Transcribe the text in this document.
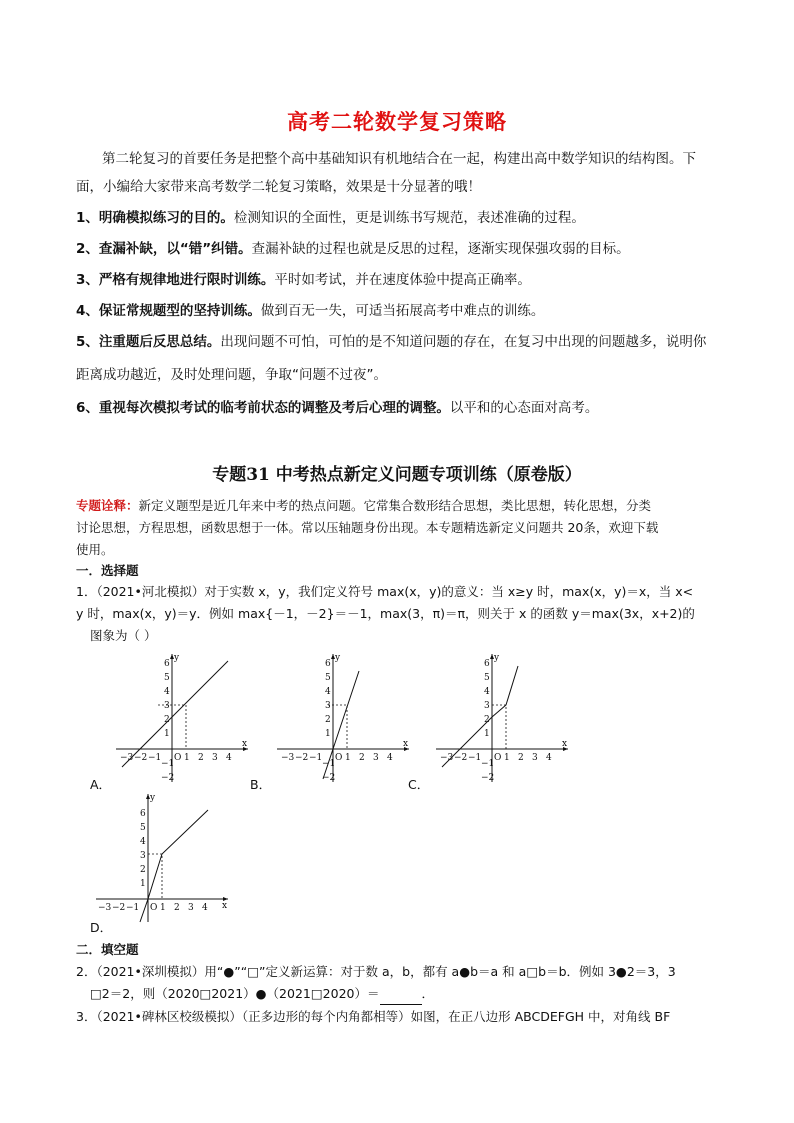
高考二轮数学复习策略
第二轮复习的首要任务是把整个高中基础知识有机地结合在一起，构建出高中数学知识的结构图。下
面，小编给大家带来高考数学二轮复习策略，效果是十分显著的哦！
1、明确模拟练习的目的。检测知识的全面性，更是训练书写规范，表述准确的过程。
2、查漏补缺，以“错”纠错。查漏补缺的过程也就是反思的过程，逐渐实现保强攻弱的目标。
3、严格有规律地进行限时训练。平时如考试，并在速度体验中提高正确率。
4、保证常规题型的坚持训练。做到百无一失，可适当拓展高考中难点的训练。
5、注重题后反思总结。出现问题不可怕，可怕的是不知道问题的存在，在复习中出现的问题越多，说明你
距离成功越近，及时处理问题，争取“问题不过夜”。
6、重视每次模拟考试的临考前状态的调整及考后心理的调整。以平和的心态面对高考。
专题31 中考热点新定义问题专项训练（原卷版）
专题诠释：新定义题型是近几年来中考的热点问题。它常集合数形结合思想，类比思想，转化思想，分类
讨论思想，方程思想，函数思想于一体。常以压轴题身份出现。本专题精选新定义问题共 20条，欢迎下载
使用。
一．选择题
1．（2021•河北模拟）对于实数 x，y，我们定义符号 max(x，y)的意义：当 x≥y 时，max(x，y)＝x，当 x<
y 时，max(x，y)＝y．例如 max{－1，－2}＝－1，max(3，π)＝π，则关于 x 的函数 y＝max(3x，x+2)的
图象为（ ）
y
x
O
−3 −2 −1	1 2 3 4
6
5
4
3
2
1
−1
−2
A．
y
x
O
−3 −2 −1	1 2 3 4
6
5
4
3
2
1
−1
−2
B．
y
x
O
−3 −2 −1	1 2 3 4
6
5
4
3
2
1
−1
−2
C．
y
x
O
−3 −2 −1 1 2 3 4
6
5
4
3
2
1
D．
二．填空题
2．（2021•深圳模拟）用“●”“□”定义新运算：对于数 a，b，都有 a●b＝a 和 a□b＝b．例如 3●2＝3，3
□2＝2，则（2020□2021）●（2021□2020）＝	．
3．（2021•碑林区校级模拟）（正多边形的每个内角都相等）如图，在正八边形 ABCDEFGH 中，对角线 BF
